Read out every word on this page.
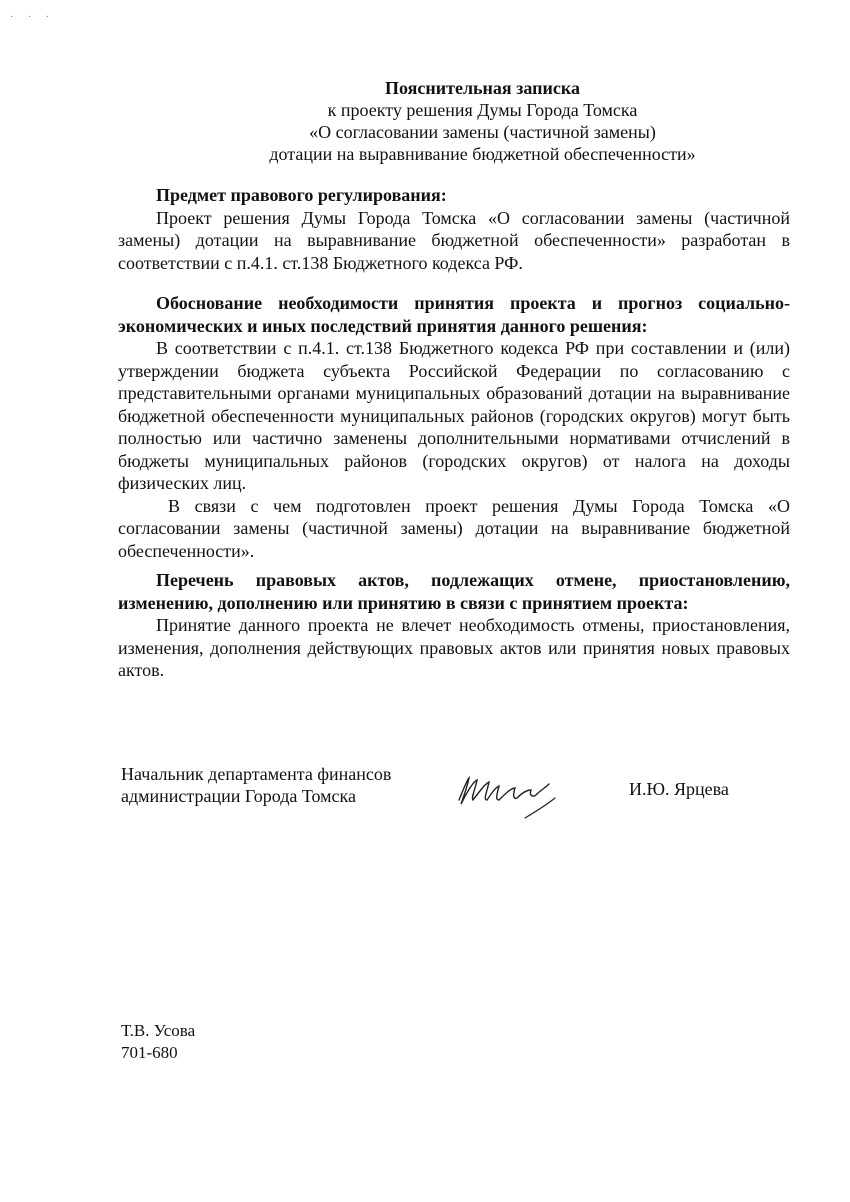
· · ·
Пояснительная записка
к проекту решения Думы Города Томска
«О согласовании замены (частичной замены)
дотации на выравнивание бюджетной обеспеченности»
Предмет правового регулирования:

Проект решения Думы Города Томска «О согласовании замены (частичной замены) дотации на выравнивание бюджетной обеспеченности» разработан в соответствии с п.4.1. ст.138 Бюджетного кодекса РФ.

Обоснование необходимости принятия проекта и прогноз социально-экономических и иных последствий принятия данного решения:

В соответствии с п.4.1. ст.138 Бюджетного кодекса РФ при составлении и (или) утверждении бюджета субъекта Российской Федерации по согласованию с представительными органами муниципальных образований дотации на выравнивание бюджетной обеспеченности муниципальных районов (городских округов) могут быть полностью или частично заменены дополнительными нормативами отчислений в бюджеты муниципальных районов (городских округов) от налога на доходы физических лиц.

В связи с чем подготовлен проект решения Думы Города Томска «О согласовании замены (частичной замены) дотации на выравнивание бюджетной обеспеченности».

Перечень правовых актов, подлежащих отмене, приостановлению, изменению, дополнению или принятию в связи с принятием проекта:

Принятие данного проекта не влечет необходимость отмены, приостановления, изменения, дополнения действующих правовых актов или принятия новых правовых актов.

Начальник департамента финансов
администрации Города Томска	И.Ю. Ярцева
Т.В. Усова
701-680
